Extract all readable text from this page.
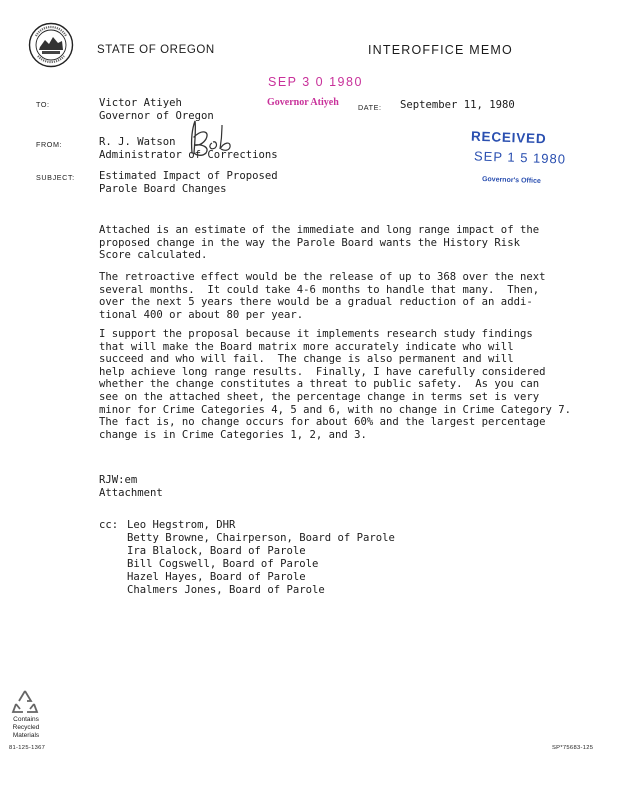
STATE OF OREGON	INTEROFFICE MEMO
SEP 3 0 1980
Governor Atiyeh
RECEIVED
SEP 1 5 1980
Governor's Office
TO:	Victor Atiyeh
Governor of Oregon
DATE: September 11, 1980
FROM:	R. J. Watson
Administrator of Corrections
SUBJECT: Estimated Impact of Proposed
Parole Board Changes
Attached is an estimate of the immediate and long range impact of the
proposed change in the way the Parole Board wants the History Risk
Score calculated.
The retroactive effect would be the release of up to 368 over the next
several months.  It could take 4-6 months to handle that many.  Then,
over the next 5 years there would be a gradual reduction of an addi-
tional 400 or about 80 per year.
I support the proposal because it implements research study findings
that will make the Board matrix more accurately indicate who will
succeed and who will fail.  The change is also permanent and will
help achieve long range results.  Finally, I have carefully considered
whether the change constitutes a threat to public safety.  As you can
see on the attached sheet, the percentage change in terms set is very
minor for Crime Categories 4, 5 and 6, with no change in Crime Category 7.
The fact is, no change occurs for about 60% and the largest percentage
change is in Crime Categories 1, 2, and 3.
RJW:em
Attachment
cc: Leo Hegstrom, DHR
Betty Browne, Chairperson, Board of Parole
Ira Blalock, Board of Parole
Bill Cogswell, Board of Parole
Hazel Hayes, Board of Parole
Chalmers Jones, Board of Parole
Contains
Recycled
Materials
81-125-1367	SP*75683-125
